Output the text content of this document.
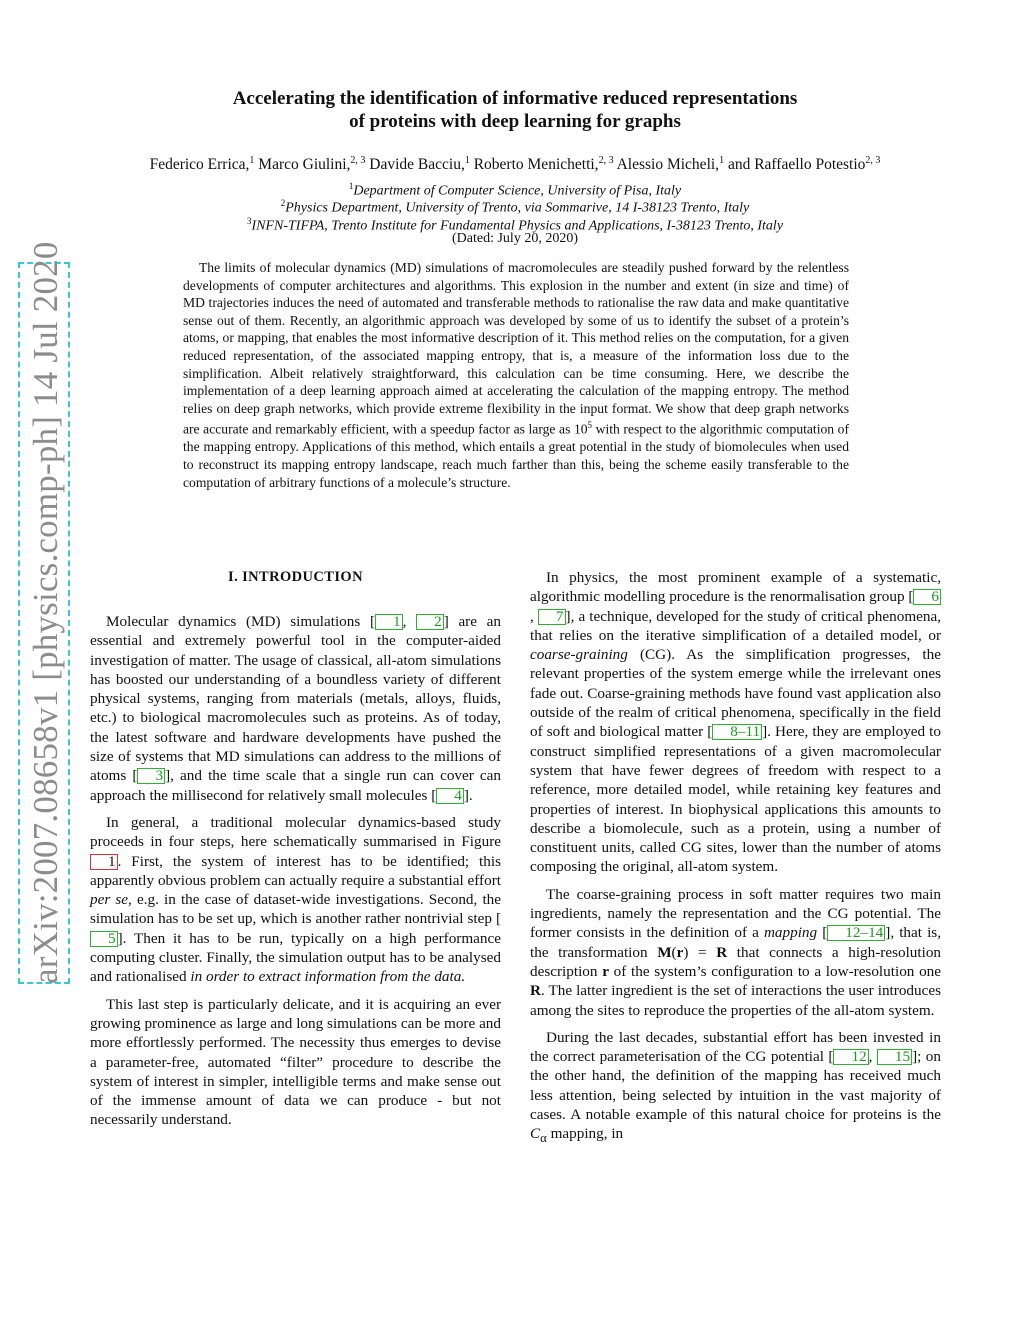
arXiv:2007.08658v1 [physics.comp-ph] 14 Jul 2020
Accelerating the identification of informative reduced representations
of proteins with deep learning for graphs
Federico Errica,$^1$ Marco Giulini,$^{2, 3}$ Davide Bacciu,$^1$ Roberto Menichetti,$^{2, 3}$ Alessio Micheli,$^1$ and Raffaello Potestio$^{2, 3}$
$^1$Department of Computer Science, University of Pisa, Italy
$^2$Physics Department, University of Trento, via Sommarive, 14 I-38123 Trento, Italy
$^3$INFN-TIFPA, Trento Institute for Fundamental Physics and Applications, I-38123 Trento, Italy
(Dated: July 20, 2020)
The limits of molecular dynamics (MD) simulations of macromolecules are steadily pushed forward by the relentless developments of computer architectures and algorithms. This explosion in the number and extent (in size and time) of MD trajectories induces the need of automated and transferable methods to rationalise the raw data and make quantitative sense out of them. Recently, an algorithmic approach was developed by some of us to identify the subset of a protein’s atoms, or mapping, that enables the most informative description of it. This method relies on the computation, for a given reduced representation, of the associated mapping entropy, that is, a measure of the information loss due to the simplification. Albeit relatively straightforward, this calculation can be time consuming. Here, we describe the implementation of a deep learning approach aimed at accelerating the calculation of the mapping entropy. The method relies on deep graph networks, which provide extreme flexibility in the input format. We show that deep graph networks are accurate and remarkably efficient, with a speedup factor as large as $10^5$ with respect to the algorithmic computation of the mapping entropy. Applications of this method, which entails a great potential in the study of biomolecules when used to reconstruct its mapping entropy landscape, reach much farther than this, being the scheme easily transferable to the computation of arbitrary functions of a molecule’s structure.
I. INTRODUCTION

Molecular dynamics (MD) simulations [ 1 , 2 ] are an essential and extremely powerful tool in the computer-aided investigation of matter. The usage of classical, all-atom simulations has boosted our understanding of a boundless variety of different physical systems, ranging from materials (metals, alloys, fluids, etc.) to biological macromolecules such as proteins. As of today, the latest software and hardware developments have pushed the size of systems that MD simulations can address to the millions of atoms [ 3 ], and the time scale that a single run can cover can approach the millisecond for relatively small molecules [ 4 ].

In general, a traditional molecular dynamics-based study proceeds in four steps, here schematically summarised in Figure 1 . First, the system of interest has to be identified; this apparently obvious problem can actually require a substantial effort per se, e.g. in the case of dataset-wide investigations. Second, the simulation has to be set up, which is another rather nontrivial step [5 ]. Then it has to be run, typically on a high performance computing cluster. Finally, the simulation output has to be analysed and rationalised in order to extract information from the data.

This last step is particularly delicate, and it is acquiring an ever growing prominence as large and long simulations can be more and more effortlessly performed. The necessity thus emerges to devise a parameter-free, automated “filter” procedure to describe the system of interest in simpler, intelligible terms and make sense out of the immense amount of data we can produce - but not necessarily understand.

In physics, the most prominent example of a systematic, algorithmic modelling procedure is the renormalisation group [ 6, 7 ], a technique, developed for the study of critical phenomena, that relies on the iterative simplification of a detailed model, or coarse-graining (CG). As the simplification progresses, the relevant properties of the system emerge while the irrelevant ones fade out. Coarse-graining methods have found vast application also outside of the realm of critical phenomena, specifically in the field of soft and biological matter [ 8–11 ]. Here, they are employed to construct simplified representations of a given macromolecular system that have fewer degrees of freedom with respect to a reference, more detailed model, while retaining key features and properties of interest. In biophysical applications this amounts to describe a biomolecule, such as a protein, using a number of constituent units, called CG sites, lower than the number of atoms composing the original, all-atom system.

The coarse-graining process in soft matter requires two main ingredients, namely the representation and the CG potential. The former consists in the definition of a mapping [ 12–14 ], that is, the transformation M(r) = R that connects a high-resolution description r of the system’s configuration to a low-resolution one R. The latter ingredient is the set of interactions the user introduces among the sites to reproduce the properties of the all-atom system.

During the last decades, substantial effort has been invested in the correct parameterisation of the CG potential [ 12 , 15 ]; on the other hand, the definition of the mapping has received much less attention, being selected by intuition in the vast majority of cases. A notable example of this natural choice for proteins is the $C_\alpha$ mapping, in
